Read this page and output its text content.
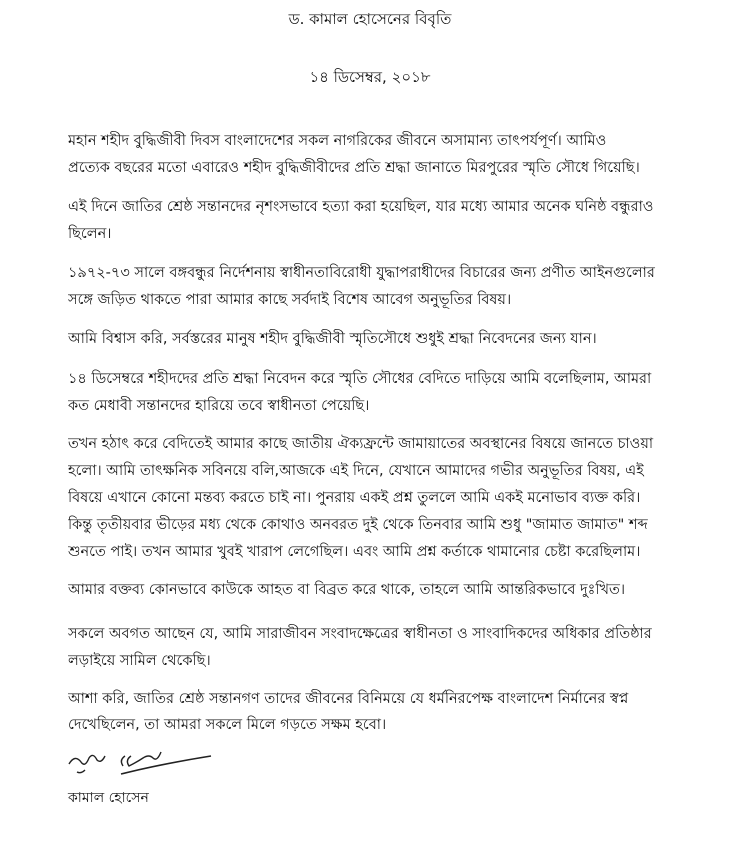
ড. কামাল হোসেনের বিবৃতি
১৪ ডিসেম্বর, ২০১৮
মহান শহীদ বুদ্ধিজীবী দিবস বাংলাদেশের সকল নাগরিকের জীবনে অসামান্য তাৎপর্যপূর্ণ। আমিও
প্রত্যেক বছরের মতো এবারেও শহীদ বুদ্ধিজীবীদের প্রতি শ্রদ্ধা জানাতে মিরপুরের স্মৃতি সৌধে গিয়েছি।
এই দিনে জাতির শ্রেষ্ঠ সন্তানদের নৃশংসভাবে হত্যা করা হয়েছিল, যার মধ্যে আমার অনেক ঘনিষ্ঠ বন্ধুরাও
ছিলেন।
১৯৭২-৭৩ সালে বঙ্গবন্ধুর নির্দেশনায় স্বাধীনতাবিরোধী যুদ্ধাপরাধীদের বিচারের জন্য প্রণীত আইনগুলোর
সঙ্গে জড়িত থাকতে পারা আমার কাছে সর্বদাই বিশেষ আবেগ অনুভূতির বিষয়।
আমি বিশ্বাস করি, সর্বস্তরের মানুষ শহীদ বুদ্ধিজীবী স্মৃতিসৌধে শুধুই শ্রদ্ধা নিবেদনের জন্য যান।
১৪ ডিসেম্বরে শহীদদের প্রতি শ্রদ্ধা নিবেদন করে স্মৃতি সৌধের বেদিতে দাড়িয়ে আমি বলেছিলাম, আমরা
কত মেধাবী সন্তানদের হারিয়ে তবে স্বাধীনতা পেয়েছি।
তখন হঠাৎ করে বেদিতেই আমার কাছে জাতীয় ঐক্যফ্রন্টে জামায়াতের অবস্থানের বিষয়ে জানতে চাওয়া
হলো। আমি তাৎক্ষনিক সবিনয়ে বলি,আজকে এই দিনে, যেখানে আমাদের গভীর অনুভূতির বিষয়, এই
বিষয়ে এখানে কোনো মন্তব্য করতে চাই না। পুনরায় একই প্রশ্ন তুললে আমি একই মনোভাব ব্যক্ত করি।
কিন্তু তৃতীয়বার ভীড়ের মধ্য থেকে কোথাও অনবরত দুই থেকে তিনবার আমি শুধু "জামাত জামাত" শব্দ
শুনতে পাই। তখন আমার খুবই খারাপ লেগেছিল। এবং আমি প্রশ্ন কর্তাকে থামানোর চেষ্টা করেছিলাম।
আমার বক্তব্য কোনভাবে কাউকে আহত বা বিব্রত করে থাকে, তাহলে আমি আন্তরিকভাবে দুঃখিত।
সকলে অবগত আছেন যে, আমি সারাজীবন সংবাদক্ষেত্রের স্বাধীনতা ও সাংবাদিকদের অধিকার প্রতিষ্ঠার
লড়াইয়ে সামিল থেকেছি।
আশা করি, জাতির শ্রেষ্ঠ সন্তানগণ তাদের জীবনের বিনিময়ে যে ধর্মনিরপেক্ষ বাংলাদেশ নির্মানের স্বপ্ন
দেখেছিলেন, তা আমরা সকলে মিলে গড়তে সক্ষম হবো।
কামাল হোসেন
